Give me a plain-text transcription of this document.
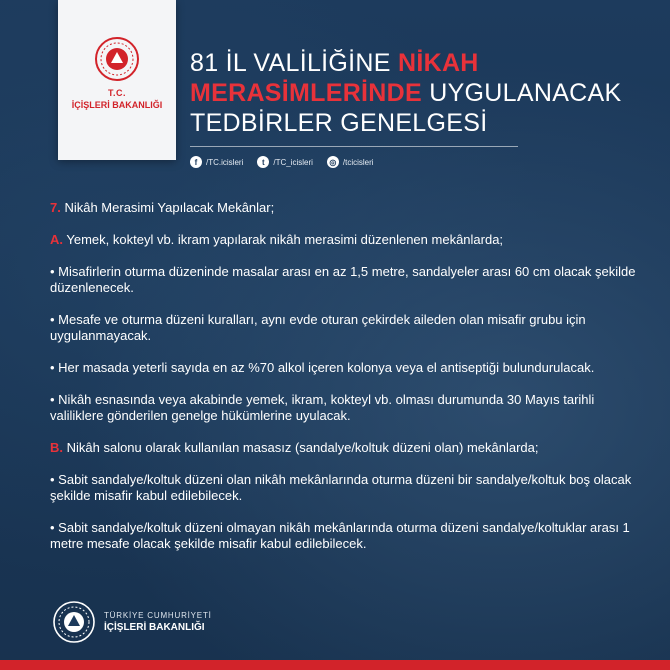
T.C.
İÇİŞLERİ BAKANLIĞI
81 İL VALİLİĞİNE NİKAH
MERASİMLERİNDE UYGULANACAK
TEDBİRLER GENELGESİ
f	/TC.icisleri	t	/TC_icisleri	◎ /tcicisleri
7. Nikâh Merasimi Yapılacak Mekânlar;
A. Yemek, kokteyl vb. ikram yapılarak nikâh merasimi düzenlenen mekânlarda;
• Misafirlerin oturma düzeninde masalar arası en az 1,5 metre, sandalyeler arası 60 cm olacak şekilde düzenlenecek.
• Mesafe ve oturma düzeni kuralları, aynı evde oturan çekirdek aileden olan misafir grubu için uygulanmayacak.
• Her masada yeterli sayıda en az %70 alkol içeren kolonya veya el antiseptiği bulundurulacak.
• Nikâh esnasında veya akabinde yemek, ikram, kokteyl vb. olması durumunda 30 Mayıs tarihli valiliklere gönderilen genelge hükümlerine uyulacak.
B. Nikâh salonu olarak kullanılan masasız (sandalye/koltuk düzeni olan) mekânlarda;
• Sabit sandalye/koltuk düzeni olan nikâh mekânlarında oturma düzeni bir sandalye/koltuk boş olacak şekilde misafir kabul edilebilecek.
• Sabit sandalye/koltuk düzeni olmayan nikâh mekânlarında oturma düzeni sandalye/koltuklar arası 1 metre mesafe olacak şekilde misafir kabul edilebilecek.
TÜRKİYE CUMHURİYETİ
İÇİŞLERİ BAKANLIĞI
